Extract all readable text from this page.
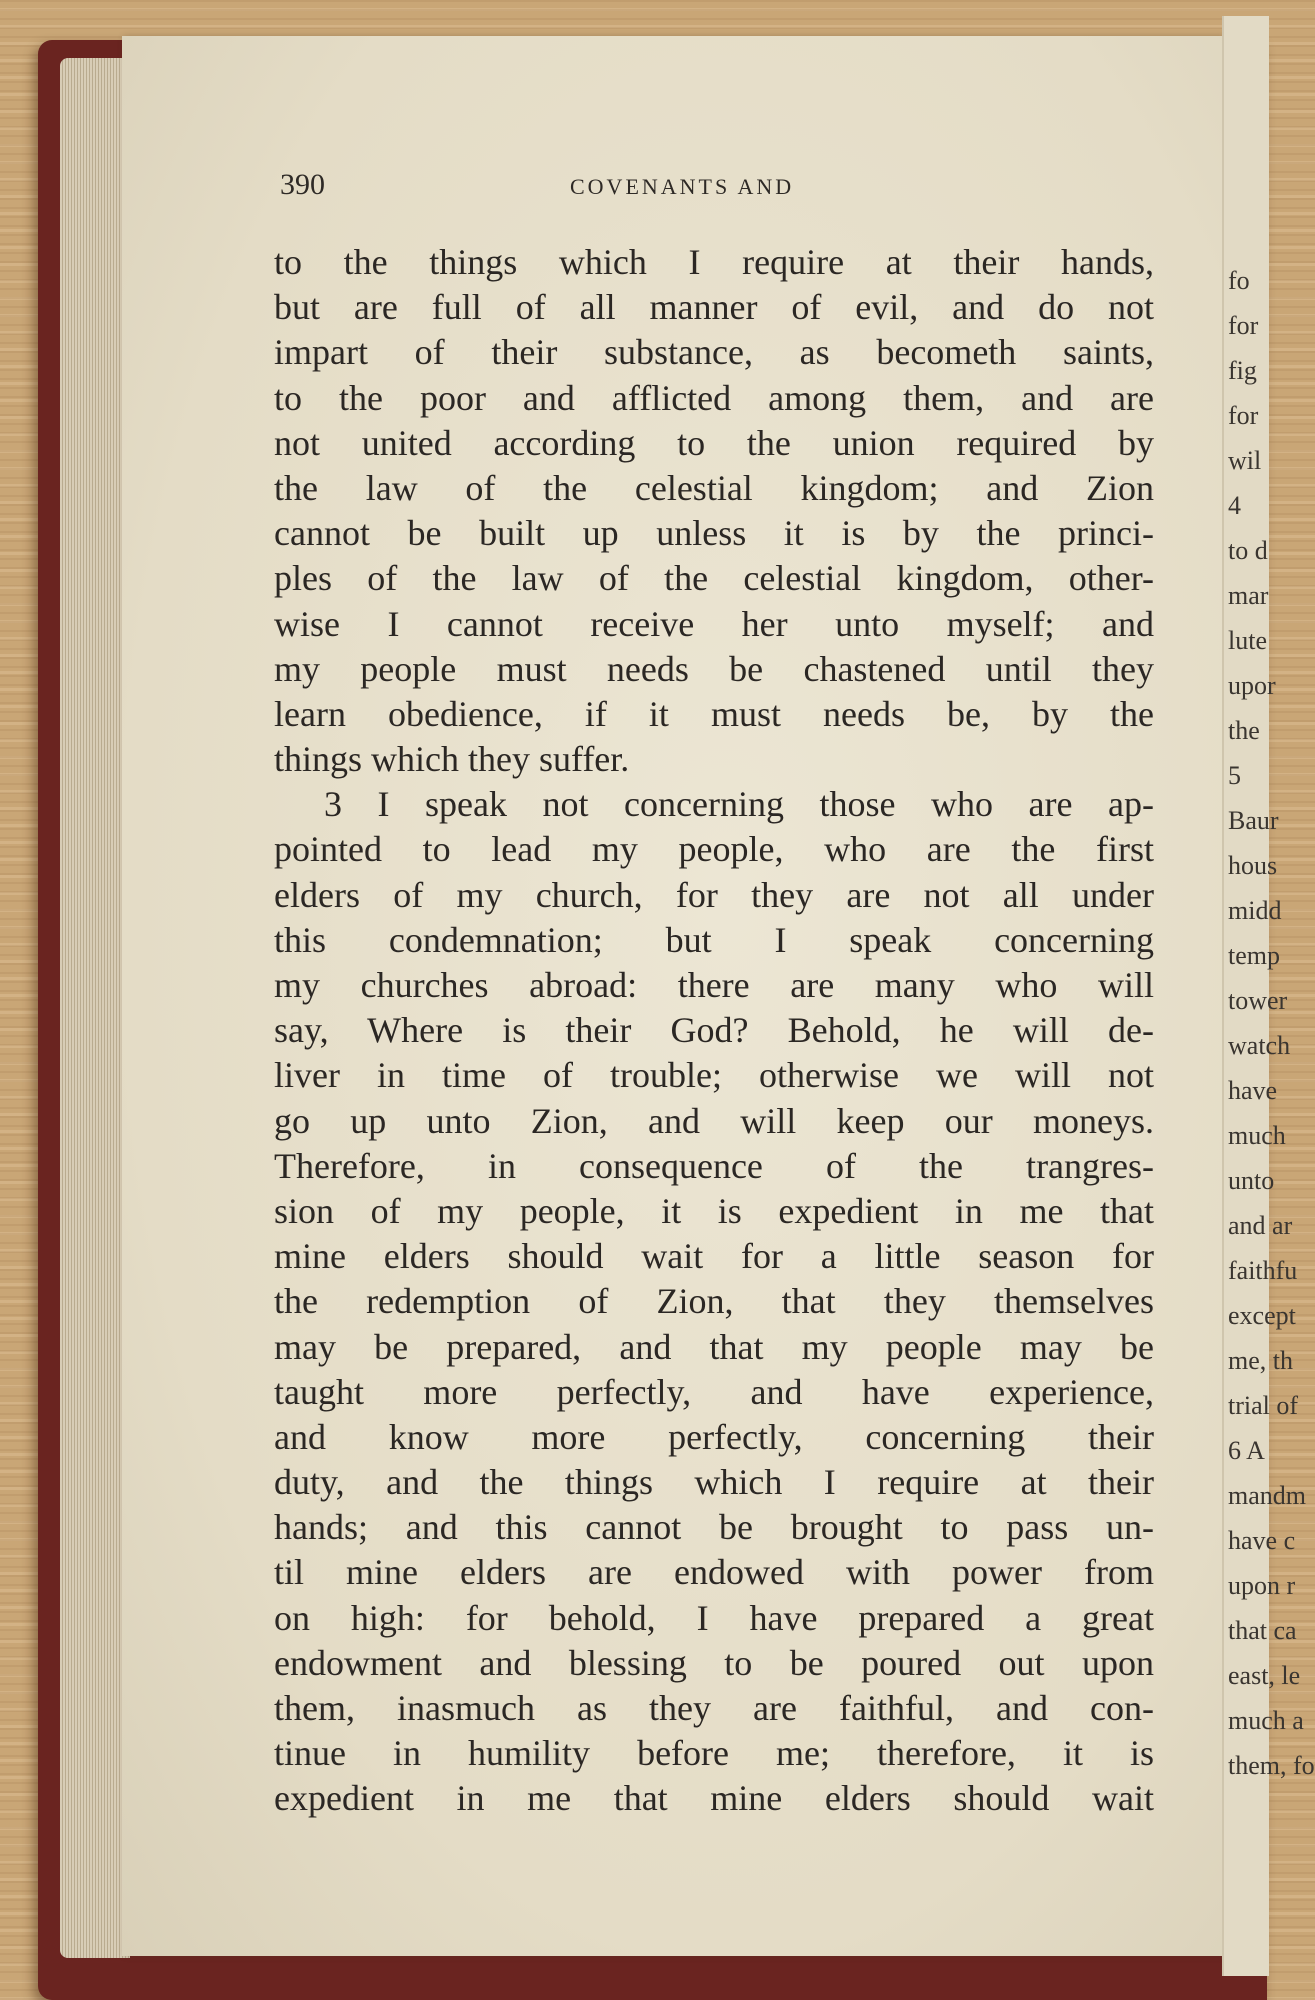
fo
for
fig
for
wil
4
to d
mar
lute
upor
the
5
Baur
hous
midd
temp
tower
watch
have
much
unto
and ar
faithfu
except
me, th
trial of
6 A
mandm
have c
upon r
that ca
east, le
much a
them, fo
390	COVENANTS AND
to the things which I require at their hands,
but are full of all manner of evil, and do not
impart of their substance, as becometh saints,
to the poor and afflicted among them, and are
not united according to the union required by
the law of the celestial kingdom; and Zion
cannot be built up unless it is by the princi-
ples of the law of the celestial kingdom, other-
wise I cannot receive her unto myself; and
my people must needs be chastened until they
learn obedience, if it must needs be, by the
things which they suffer.
3 I speak not concerning those who are ap-
pointed to lead my people, who are the first
elders of my church, for they are not all under
this condemnation; but I speak concerning
my churches abroad: there are many who will
say, Where is their God? Behold, he will de-
liver in time of trouble; otherwise we will not
go up unto Zion, and will keep our moneys.
Therefore, in consequence of the trangres-
sion of my people, it is expedient in me that
mine elders should wait for a little season for
the redemption of Zion, that they themselves
may be prepared, and that my people may be
taught more perfectly, and have experience,
and know more perfectly, concerning their
duty, and the things which I require at their
hands; and this cannot be brought to pass un-
til mine elders are endowed with power from
on high: for behold, I have prepared a great
endowment and blessing to be poured out upon
them, inasmuch as they are faithful, and con-
tinue in humility before me; therefore, it is
expedient in me that mine elders should wait
